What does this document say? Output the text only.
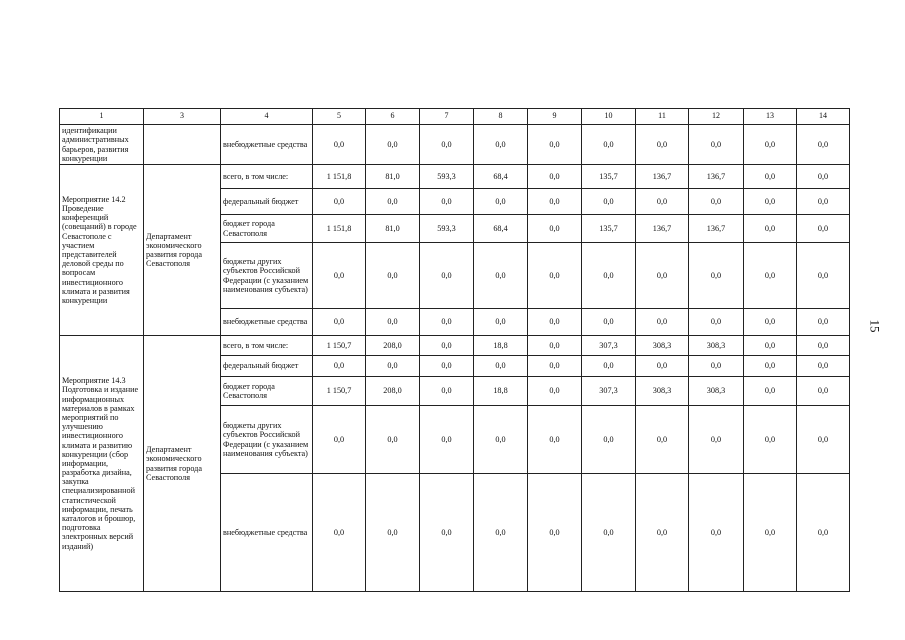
1	3	4	5	6	7	8	9	10	11	12	13	14
идентификации административных барьеров, развития конкуренции		внебюджетные средства	0,0	0,0	0,0	0,0	0,0	0,0	0,0	0,0	0,0	0,0
Мероприятие 14.2 Проведение конференций (совещаний) в городе Севастополе с участием представителей деловой среды по вопросам инвестиционного климата и развития конкуренции	Департамент экономического развития города Севастополя	всего, в том числе:	1 151,8	81,0	593,3	68,4	0,0	135,7	136,7	136,7	0,0	0,0
		федеральный бюджет	0,0	0,0	0,0	0,0	0,0	0,0	0,0	0,0	0,0	0,0
		бюджет города Севастополя	1 151,8	81,0	593,3	68,4	0,0	135,7	136,7	136,7	0,0	0,0
		бюджеты других субъектов Российской Федерации (с указанием наименования субъекта)	0,0	0,0	0,0	0,0	0,0	0,0	0,0	0,0	0,0	0,0
		внебюджетные средства	0,0	0,0	0,0	0,0	0,0	0,0	0,0	0,0	0,0	0,0
Мероприятие 14.3 Подготовка и издание информационных материалов в рамках мероприятий по улучшению инвестиционного климата и развитию конкуренции (сбор информации, разработка дизайна, закупка специализированной статистической информации, печать каталогов и брошюр, подготовка электронных версий изданий)	Департамент экономического развития города Севастополя	всего, в том числе:	1 150,7	208,0	0,0	18,8	0,0	307,3	308,3	308,3	0,0	0,0
		федеральный бюджет	0,0	0,0	0,0	0,0	0,0	0,0	0,0	0,0	0,0	0,0
		бюджет города Севастополя	1 150,7	208,0	0,0	18,8	0,0	307,3	308,3	308,3	0,0	0,0
		бюджеты других субъектов Российской Федерации (с указанием наименования субъекта)	0,0	0,0	0,0	0,0	0,0	0,0	0,0	0,0	0,0	0,0
		внебюджетные средства	0,0	0,0	0,0	0,0	0,0	0,0	0,0	0,0	0,0	0,0
15
